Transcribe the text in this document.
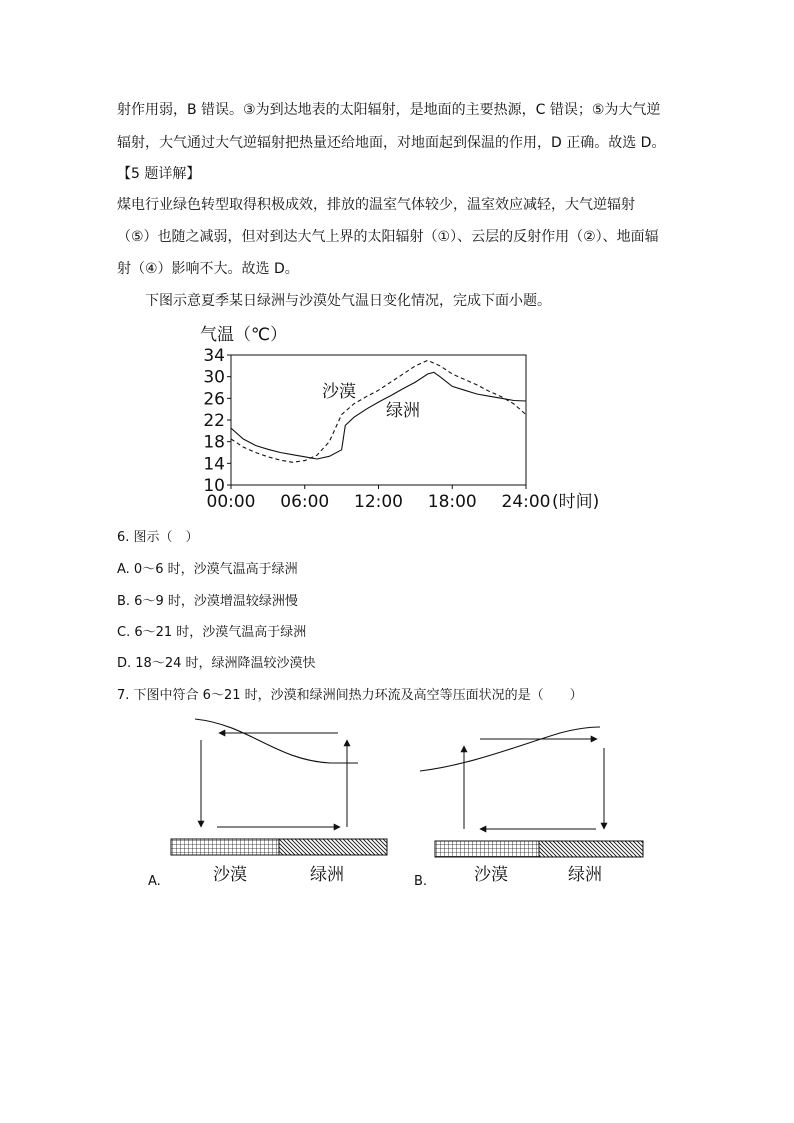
射作用弱，B 错误。③为到达地表的太阳辐射，是地面的主要热源，C 错误；⑤为大气逆
辐射，大气通过大气逆辐射把热量还给地面，对地面起到保温的作用，D 正确。故选 D。
【5 题详解】
煤电行业绿色转型取得积极成效，排放的温室气体较少，温室效应减轻，大气逆辐射
（⑤）也随之减弱，但对到达大气上界的太阳辐射（①）、云层的反射作用（②）、地面辐
射（④）影响不大。故选 D。
下图示意夏季某日绿洲与沙漠处气温日变化情况，完成下面小题。
气温（℃）
34
30
26
22
18
14
10
00:00 06:00 12:00 18:00 24:00
沙漠
绿洲
(时间)
6. 图示（　）
A. 0～6 时，沙漠气温高于绿洲
B. 6～9 时，沙漠增温较绿洲慢
C. 6～21 时，沙漠气温高于绿洲
D. 18～24 时，绿洲降温较沙漠快
7. 下图中符合 6～21 时，沙漠和绿洲间热力环流及高空等压面状况的是（　　）
A.	沙漠	绿洲	B.	沙漠	绿洲
